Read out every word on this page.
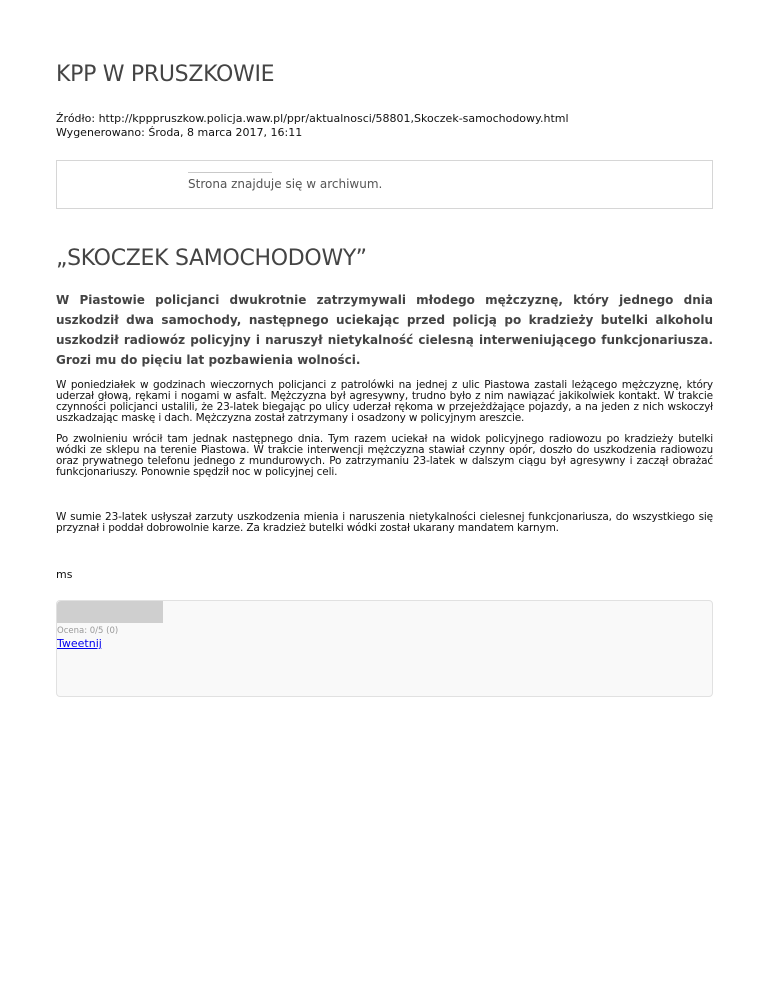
KPP W PRUSZKOWIE
Źródło: http://kpppruszkow.policja.waw.pl/ppr/aktualnosci/58801,Skoczek-samochodowy.html
Wygenerowano: Środa, 8 marca 2017, 16:11
Strona znajduje się w archiwum.
„SKOCZEK SAMOCHODOWY”
W Piastowie policjanci dwukrotnie zatrzymywali młodego mężczyznę, który jednego dnia uszkodził dwa samochody, następnego uciekając przed policją po kradzieży butelki alkoholu uszkodził radiowóz policyjny i naruszył nietykalność cielesną interweniującego funkcjonariusza. Grozi mu do pięciu lat pozbawienia wolności.
W poniedziałek w godzinach wieczornych policjanci z patrolówki na jednej z ulic Piastowa zastali leżącego mężczyznę, który uderzał głową, rękami i nogami w asfalt. Mężczyzna był agresywny, trudno było z nim nawiązać jakikolwiek kontakt. W trakcie czynności policjanci ustalili, że 23-latek biegając po ulicy uderzał rękoma w przejeżdżające pojazdy, a na jeden z nich wskoczył uszkadzając maskę i dach. Mężczyzna został zatrzymany i osadzony w policyjnym areszcie.
Po zwolnieniu wrócił tam jednak następnego dnia. Tym razem uciekał na widok policyjnego radiowozu po kradzieży butelki wódki ze sklepu na terenie Piastowa. W trakcie interwencji mężczyzna stawiał czynny opór, doszło do uszkodzenia radiowozu oraz prywatnego telefonu jednego z mundurowych. Po zatrzymaniu 23-latek w dalszym ciągu był agresywny i zaczął obrażać funkcjonariuszy. Ponownie spędził noc w policyjnej celi.
W sumie 23-latek usłyszał zarzuty uszkodzenia mienia i naruszenia nietykalności cielesnej funkcjonariusza, do wszystkiego się przyznał i poddał dobrowolnie karze. Za kradzież butelki wódki został ukarany mandatem karnym.
ms
Ocena: 0/5 (0)
Tweetnij
